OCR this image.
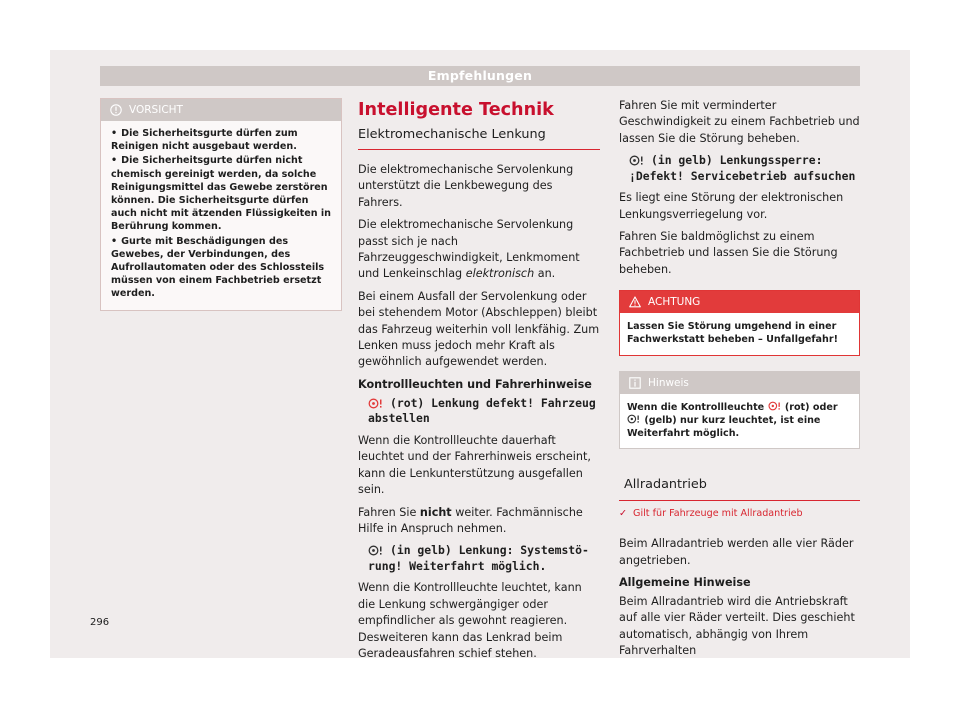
Empfehlungen
VORSICHT
• Die Sicherheitsgurte dürfen zum Reinigen nicht ausgebaut werden.
• Die Sicherheitsgurte dürfen nicht chemisch gereinigt werden, da solche Reinigungsmittel das Gewebe zerstören können. Die Sicherheitsgurte dürfen auch nicht mit ätzenden Flüssigkeiten in Berührung kommen.
• Gurte mit Beschädigungen des Gewebes, der Verbindungen, des Aufrollautomaten oder des Schlossteils müssen von einem Fachbetrieb ersetzt werden.
Intelligente Technik
Elektromechanische Lenkung

Die elektromechanische Servolenkung unterstützt die Lenkbewegung des Fahrers.

Die elektromechanische Servolenkung passt sich je nach Fahrzeuggeschwindigkeit, Lenkmoment und Lenkeinschlag elektronisch an.

Bei einem Ausfall der Servolenkung oder bei stehendem Motor (Abschleppen) bleibt das Fahrzeug weiterhin voll lenkfähig. Zum Lenken muss jedoch mehr Kraft als gewöhnlich aufgewendet werden.

Kontrollleuchten und Fahrerhinweise

(rot) Lenkung defekt! Fahrzeug abstellen

Wenn die Kontrollleuchte dauerhaft leuchtet und der Fahrerhinweis erscheint, kann die Lenkunterstützung ausgefallen sein.

Fahren Sie nicht weiter. Fachmännische Hilfe in Anspruch nehmen.

(in gelb) Lenkung: Systemstörung! Weiterfahrt möglich.

Wenn die Kontrollleuchte leuchtet, kann die Lenkung schwergängiger oder empfindlicher als gewohnt reagieren. Desweiteren kann das Lenkrad beim Geradeausfahren schief stehen.

Fahren Sie mit verminderter Geschwindigkeit zu einem Fachbetrieb und lassen Sie die Störung beheben.

(in gelb) Lenkungssperre: ¡Defekt! Servicebetrieb aufsuchen

Es liegt eine Störung der elektronischen Lenkungsverriegelung vor.

Fahren Sie baldmöglichst zu einem Fachbetrieb und lassen Sie die Störung beheben.

ACHTUNG
Lassen Sie Störung umgehend in einer Fachwerkstatt beheben – Unfallgefahr!
Hinweis
Wenn die Kontrollleuchte  (rot) oder  (gelb) nur kurz leuchtet, ist eine Weiterfahrt möglich.
Allradantrieb

✓ Gilt für Fahrzeuge mit Allradantrieb

Beim Allradantrieb werden alle vier Räder angetrieben.

Allgemeine Hinweise

Beim Allradantrieb wird die Antriebskraft auf alle vier Räder verteilt. Dies geschieht automatisch, abhängig von Ihrem Fahrverhalten

296
